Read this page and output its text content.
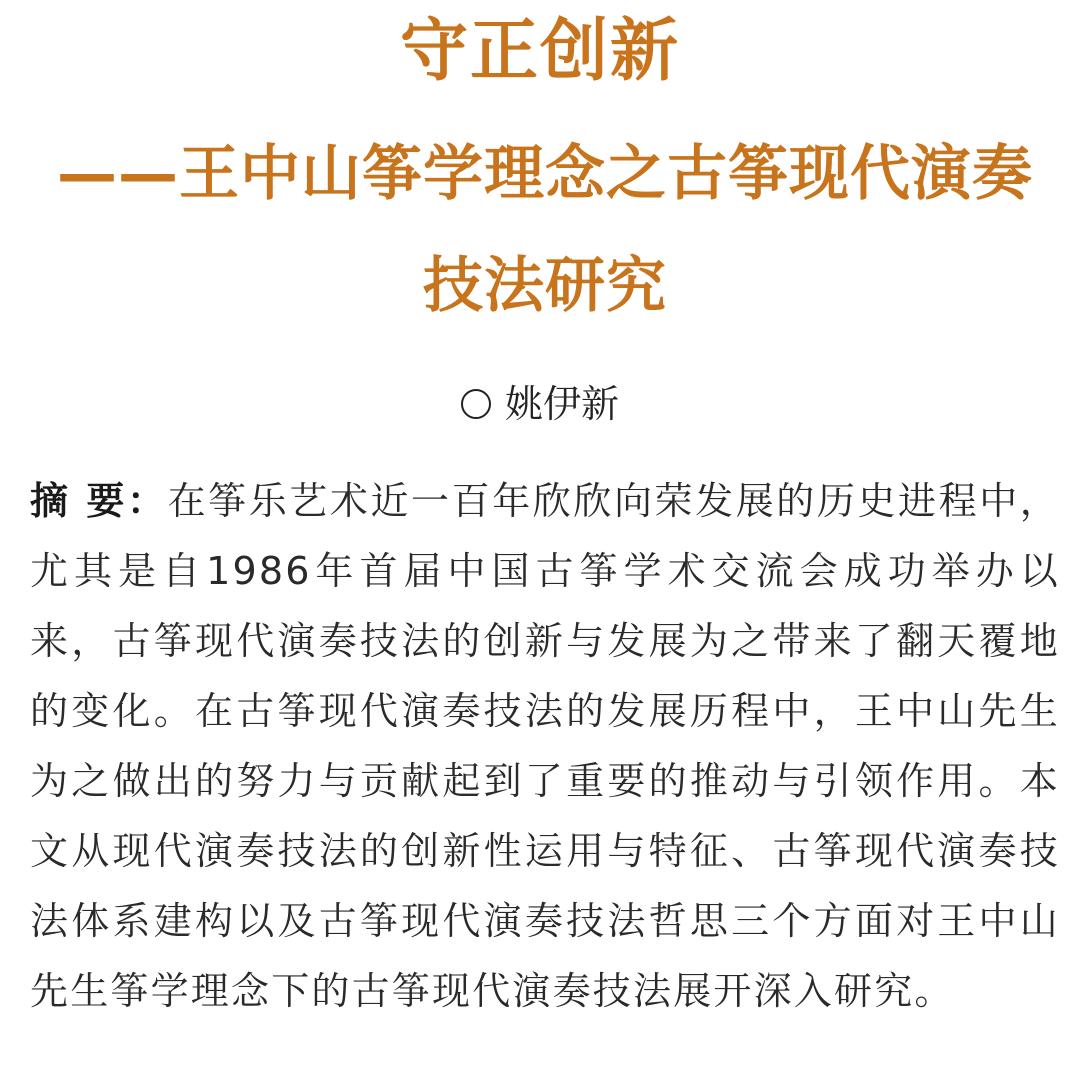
守正创新
——王中山筝学理念之古筝现代演奏技法研究
姚伊新
摘 要：在筝乐艺术近一百年欣欣向荣发展的历史进程中，尤其是自1986年首届中国古筝学术交流会成功举办以来，古筝现代演奏技法的创新与发展为之带来了翻天覆地的变化。在古筝现代演奏技法的发展历程中，王中山先生为之做出的努力与贡献起到了重要的推动与引领作用。本文从现代演奏技法的创新性运用与特征、古筝现代演奏技法体系建构以及古筝现代演奏技法哲思三个方面对王中山先生筝学理念下的古筝现代演奏技法展开深入研究。
